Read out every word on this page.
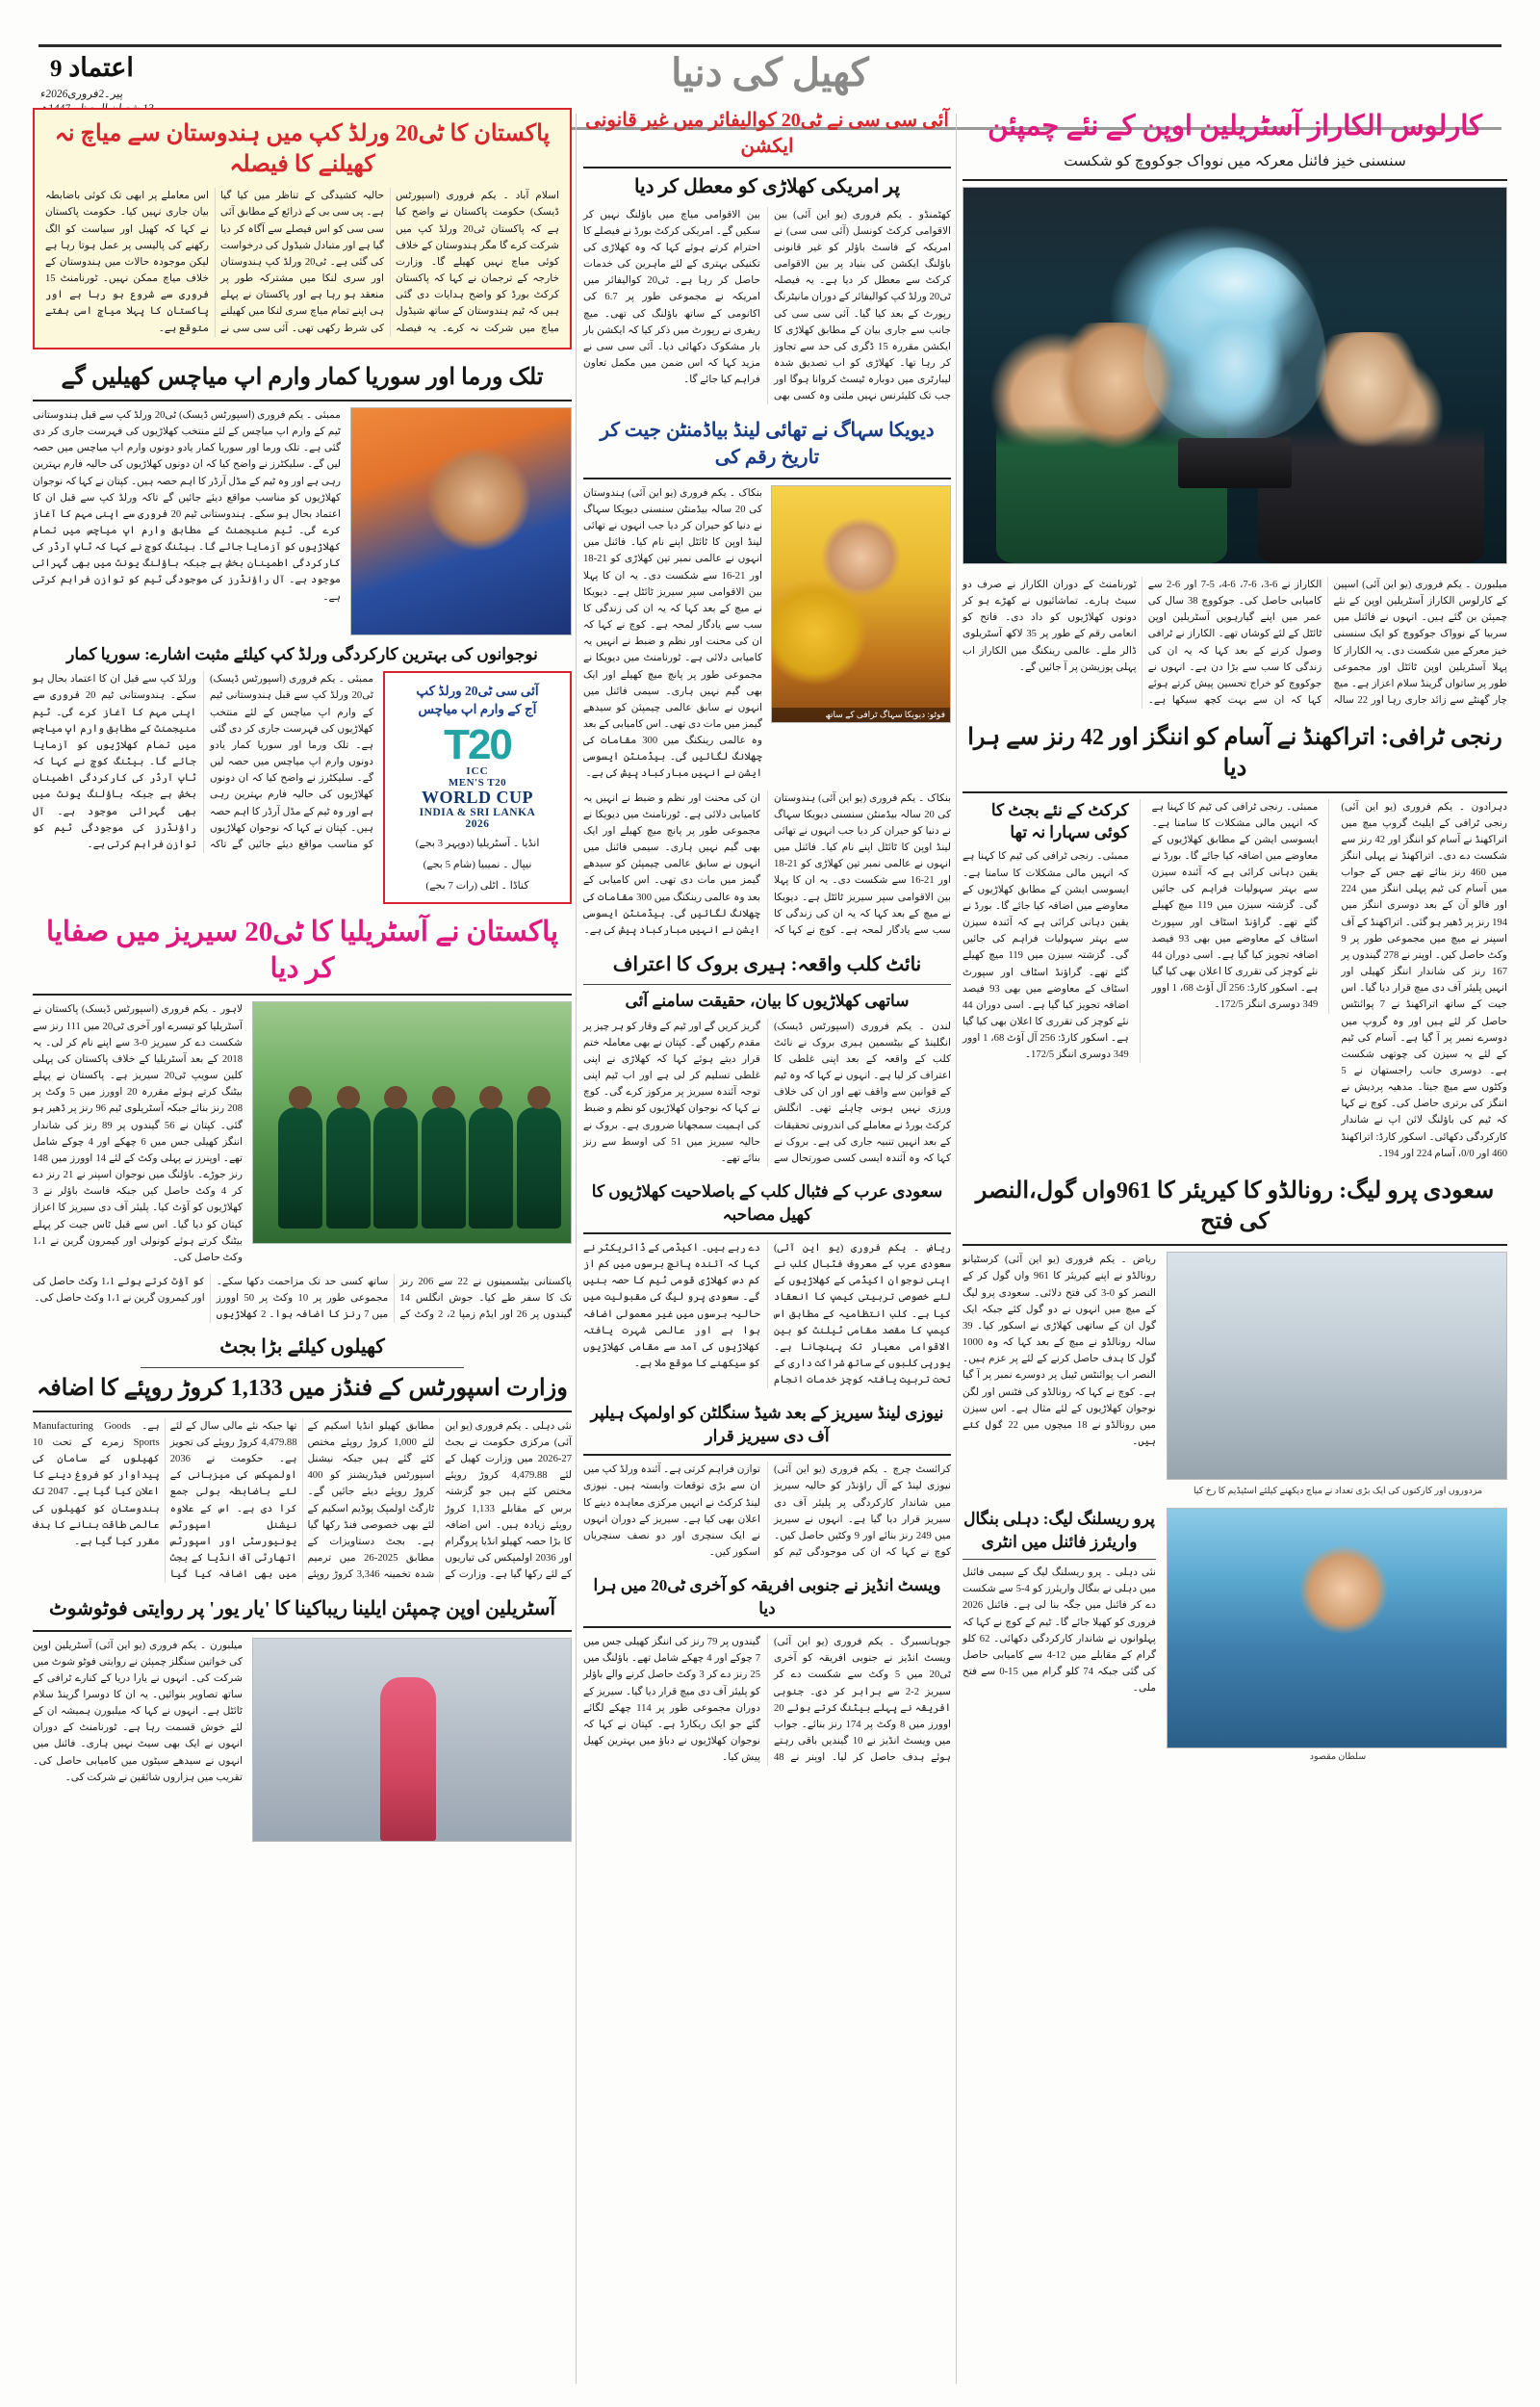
اعتماد 9
پیر۔2فروری2026ء	کھیل کی دنیا
پاکستان کا ٹی20 ورلڈ کپ میں ہندوستان سے میاچ نہ کھیلنے کا فیصلہ
اسلام آباد ۔ یکم فروری (اسپورٹس ڈیسک) حکومت پاکستان نے واضح کیا ہے کہ پاکستان ٹی20 ورلڈ کپ میں شرکت کرے گا مگر ہندوستان کے خلاف کوئی میاچ نہیں کھیلے گا۔ وزارت خارجہ کے ترجمان نے کہا کہ پاکستان کرکٹ بورڈ کو واضح ہدایات دی گئی ہیں کہ ٹیم ہندوستان کے ساتھ شیڈول میاچ میں شرکت نہ کرے۔ یہ فیصلہ حالیہ کشیدگی کے تناظر میں کیا گیا ہے۔ پی سی بی کے ذرائع کے مطابق آئی سی سی کو اس فیصلے سے آگاہ کر دیا گیا ہے اور متبادل شیڈول کی درخواست کی گئی ہے۔ ٹی20 ورلڈ کپ ہندوستان اور سری لنکا میں مشترکہ طور پر منعقد ہو رہا ہے اور پاکستان نے پہلے ہی اپنے تمام میاچ سری لنکا میں کھیلنے کی شرط رکھی تھی۔ آئی سی سی نے اس معاملے پر ابھی تک کوئی باضابطہ بیان جاری نہیں کیا۔ حکومت پاکستان نے کہا کہ کھیل اور سیاست کو الگ رکھنے کی پالیسی پر عمل ہوتا رہا ہے لیکن موجودہ حالات میں ہندوستان کے خلاف میاچ ممکن نہیں۔ ٹورنامنٹ 15 فروری سے شروع ہو رہا ہے اور پاکستان کا پہلا میاچ اسی ہفتے متوقع ہے۔
تلک ورما اور سوریا کمار وارم اپ میاچس کھیلیں گے
ممبئی ۔ یکم فروری (اسپورٹس ڈیسک) ٹی20 ورلڈ کپ سے قبل ہندوستانی ٹیم کے وارم اپ میاچس کے لئے منتخب کھلاڑیوں کی فہرست جاری کر دی گئی ہے۔ تلک ورما اور سوریا کمار یادو دونوں وارم اپ میاچس میں حصہ لیں گے۔ سلیکٹرز نے واضح کیا کہ ان دونوں کھلاڑیوں کی حالیہ فارم بہترین رہی ہے اور وہ ٹیم کے مڈل آرڈر کا اہم حصہ ہیں۔ کپتان نے کہا کہ نوجوان کھلاڑیوں کو مناسب مواقع دیئے جائیں گے تاکہ ورلڈ کپ سے قبل ان کا اعتماد بحال ہو سکے۔ ہندوستانی ٹیم 20 فروری سے اپنی مہم کا آغاز کرے گی۔ ٹیم منیجمنٹ کے مطابق وارم اپ میاچس میں تمام کھلاڑیوں کو آزمایا جائے گا۔ بیٹنگ کوچ نے کہا کہ ٹاپ آرڈر کی کارکردگی اطمینان بخش ہے جبکہ باؤلنگ یونٹ میں بھی گہرائی موجود ہے۔ آل راؤنڈرز کی موجودگی ٹیم کو توازن فراہم کرتی ہے۔
نوجوانوں کی بہترین کارکردگی ورلڈ کپ کیلئے مثبت اشارے: سوریا کمار
آئی سی ٹی20 ورلڈ کپ
آج کے وارم اپ میاچس
T20
ICC
MEN'S T20
WORLD CUP
INDIA & SRI LANKA 2026
انڈیا ۔ آسٹریلیا (دوپہر 3 بجے)
نیپال ۔ نمیبیا (شام 5 بجے)
کناڈا ۔ اٹلی (رات 7 بجے)
ممبئی ۔ یکم فروری (اسپورٹس ڈیسک) ٹی20 ورلڈ کپ سے قبل ہندوستانی ٹیم کے وارم اپ میاچس کے لئے منتخب کھلاڑیوں کی فہرست جاری کر دی گئی ہے۔ تلک ورما اور سوریا کمار یادو دونوں وارم اپ میاچس میں حصہ لیں گے۔ سلیکٹرز نے واضح کیا کہ ان دونوں کھلاڑیوں کی حالیہ فارم بہترین رہی ہے اور وہ ٹیم کے مڈل آرڈر کا اہم حصہ ہیں۔ کپتان نے کہا کہ نوجوان کھلاڑیوں کو مناسب مواقع دیئے جائیں گے تاکہ ورلڈ کپ سے قبل ان کا اعتماد بحال ہو سکے۔ ہندوستانی ٹیم 20 فروری سے اپنی مہم کا آغاز کرے گی۔ ٹیم منیجمنٹ کے مطابق وارم اپ میاچس میں تمام کھلاڑیوں کو آزمایا جائے گا۔ بیٹنگ کوچ نے کہا کہ ٹاپ آرڈر کی کارکردگی اطمینان بخش ہے جبکہ باؤلنگ یونٹ میں بھی گہرائی موجود ہے۔ آل راؤنڈرز کی موجودگی ٹیم کو توازن فراہم کرتی ہے۔
پاکستان نے آسٹریلیا کا ٹی20 سیریز میں صفایا کر دیا
لاہور ۔ یکم فروری (اسپورٹس ڈیسک) پاکستان نے آسٹریلیا کو تیسرے اور آخری ٹی20 میں 111 رنز سے شکست دے کر سیریز 0-3 سے اپنے نام کر لی۔ یہ 2018 کے بعد آسٹریلیا کے خلاف پاکستان کی پہلی کلین سویپ ٹی20 سیریز ہے۔ پاکستان نے پہلے بیٹنگ کرتے ہوئے مقررہ 20 اوورز میں 5 وکٹ پر 208 رنز بنائے جبکہ آسٹریلوی ٹیم 96 رنز پر ڈھیر ہو گئی۔ کپتان نے 56 گیندوں پر 89 رنز کی شاندار اننگز کھیلی جس میں 6 چھکے اور 4 چوکے شامل تھے۔ اوپنرز نے پہلی وکٹ کے لئے 14 اوورز میں 148 رنز جوڑے۔ باؤلنگ میں نوجوان اسپنر نے 21 رنز دے کر 4 وکٹ حاصل کیں جبکہ فاسٹ باؤلر نے 3 کھلاڑیوں کو آؤٹ کیا۔ پلیئر آف دی سیریز کا اعزاز کپتان کو دیا گیا۔ اس سے قبل ٹاس جیت کر پہلے بیٹنگ کرتے ہوئے کونولی اور کیمرون گرین نے 1،1 وکٹ حاصل کی۔
پاکستانی بیٹسمینوں نے 22 سے 206 رنز تک کا سفر طے کیا۔ جوش انگلس 14 گیندوں پر 26 اور ایڈم زمپا 2، 2 وکٹ کے ساتھ کسی حد تک مزاحمت دکھا سکے۔ مجموعی طور پر 10 وکٹ پر 50 اوورز میں 7 رنز کا اضافہ ہوا۔ 2 کھلاڑیوں کو آؤٹ کرتے ہوئے 1،1 وکٹ حاصل کی اور کیمرون گرین نے 1،1 وکٹ حاصل کی۔
کھیلوں کیلئے بڑا بجٹ
وزارت اسپورٹس کے فنڈز میں 1,133 کروڑ روپئے کا اضافہ
نئی دہلی ۔ یکم فروری (یو این آئی) مرکزی حکومت نے بجٹ 27-2026 میں وزارت کھیل کے لئے 4,479.88 کروڑ روپئے مختص کئے ہیں جو گزشتہ برس کے مقابلے 1,133 کروڑ روپئے زیادہ ہیں۔ اس اضافہ کا بڑا حصہ کھیلو انڈیا پروگرام اور 2036 اولمپکس کی تیاریوں کے لئے رکھا گیا ہے۔ وزارت کے مطابق کھیلو انڈیا اسکیم کے لئے 1,000 کروڑ روپئے مختص کئے گئے ہیں جبکہ نیشنل اسپورٹس فیڈریشنز کو 400 کروڑ روپئے دیئے جائیں گے۔ ٹارگٹ اولمپک پوڈیم اسکیم کے لئے بھی خصوصی فنڈ رکھا گیا ہے۔ بجٹ دستاویزات کے مطابق 2025-26 میں ترمیم شدہ تخمینہ 3,346 کروڑ روپئے تھا جبکہ نئے مالی سال کے لئے 4,479.88 کروڑ روپئے کی تجویز ہے۔ حکومت نے 2036 اولمپکس کی میزبانی کے لئے باضابطہ بولی جمع کرا دی ہے۔ اس کے علاوہ نیشنل اسپورٹس یونیورسٹی اور اسپورٹس اتھارٹی آف انڈیا کے بجٹ میں بھی اضافہ کیا گیا ہے۔ Manufacturing Goods Sports زمرے کے تحت 10 کھیلوں کے سامان کی پیداوار کو فروغ دینے کا اعلان کیا گیا ہے۔ 2047 تک ہندوستان کو کھیلوں کی عالمی طاقت بنانے کا ہدف مقرر کیا گیا ہے۔
آسٹریلین اوپن چمپئن ایلینا ریباکینا کا 'یار یور' پر روایتی فوٹوشوٹ
میلبورن ۔ یکم فروری (یو این آئی) آسٹریلین اوپن کی خواتین سنگلز چمپئن نے روایتی فوٹو شوٹ میں شرکت کی۔ انہوں نے یارا دریا کے کنارے ٹرافی کے ساتھ تصاویر بنوائیں۔ یہ ان کا دوسرا گرینڈ سلام ٹائٹل ہے۔ انہوں نے کہا کہ میلبورن ہمیشہ ان کے لئے خوش قسمت رہا ہے۔ ٹورنامنٹ کے دوران انہوں نے ایک بھی سیٹ نہیں ہاری۔ فائنل میں انہوں نے سیدھے سیٹوں میں کامیابی حاصل کی۔ تقریب میں ہزاروں شائقین نے شرکت کی۔
آئی سی سی نے ٹی20 کوالیفائر میں غیر قانونی ایکشن
پر امریکی کھلاڑی کو معطل کر دیا
کھٹمنڈو ۔ یکم فروری (یو این آئی) بین الاقوامی کرکٹ کونسل (آئی سی سی) نے امریکہ کے فاسٹ باؤلر کو غیر قانونی باؤلنگ ایکشن کی بنیاد پر بین الاقوامی کرکٹ سے معطل کر دیا ہے۔ یہ فیصلہ ٹی20 ورلڈ کپ کوالیفائر کے دوران مانیٹرنگ رپورٹ کے بعد کیا گیا۔ آئی سی سی کی جانب سے جاری بیان کے مطابق کھلاڑی کا ایکشن مقررہ 15 ڈگری کی حد سے تجاوز کر رہا تھا۔ کھلاڑی کو اب تصدیق شدہ لیبارٹری میں دوبارہ ٹیسٹ کروانا ہوگا اور جب تک کلیئرنس نہیں ملتی وہ کسی بھی بین الاقوامی میاچ میں باؤلنگ نہیں کر سکیں گے۔ امریکی کرکٹ بورڈ نے فیصلے کا احترام کرتے ہوئے کہا کہ وہ کھلاڑی کی تکنیکی بہتری کے لئے ماہرین کی خدمات حاصل کر رہا ہے۔ ٹی20 کوالیفائر میں امریکہ نے مجموعی طور پر 6.7 کی اکانومی کے ساتھ باؤلنگ کی تھی۔ میچ ریفری نے رپورٹ میں ذکر کیا کہ ایکشن بار بار مشکوک دکھائی دیا۔ آئی سی سی نے مزید کہا کہ اس ضمن میں مکمل تعاون فراہم کیا جائے گا۔
دیویکا سہاگ نے تھائی لینڈ بیاڈمنٹن جیت کر تاریخ رقم کی
فوٹو: دیویکا سہاگ ٹرافی کے ساتھ
بنکاک ۔ یکم فروری (یو این آئی) ہندوستان کی 20 سالہ بیڈمنٹن سنسنی دیویکا سہاگ نے دنیا کو حیران کر دیا جب انہوں نے تھائی لینڈ اوپن کا ٹائٹل اپنے نام کیا۔ فائنل میں انہوں نے عالمی نمبر تین کھلاڑی کو 21-18 اور 21-16 سے شکست دی۔ یہ ان کا پہلا بین الاقوامی سپر سیریز ٹائٹل ہے۔ دیویکا نے میچ کے بعد کہا کہ یہ ان کی زندگی کا سب سے یادگار لمحہ ہے۔ کوچ نے کہا کہ ان کی محنت اور نظم و ضبط نے انہیں یہ کامیابی دلائی ہے۔ ٹورنامنٹ میں دیویکا نے مجموعی طور پر پانچ میچ کھیلے اور ایک بھی گیم نہیں ہاری۔ سیمی فائنل میں انہوں نے سابق عالمی چیمپئن کو سیدھے گیمز میں مات دی تھی۔ اس کامیابی کے بعد وہ عالمی رینکنگ میں 300 مقامات کی چھلانگ لگائیں گی۔ بیڈمنٹن ایسوسی ایشن نے انہیں مبارکباد پیش کی ہے۔
بنکاک ۔ یکم فروری (یو این آئی) ہندوستان کی 20 سالہ بیڈمنٹن سنسنی دیویکا سہاگ نے دنیا کو حیران کر دیا جب انہوں نے تھائی لینڈ اوپن کا ٹائٹل اپنے نام کیا۔ فائنل میں انہوں نے عالمی نمبر تین کھلاڑی کو 21-18 اور 21-16 سے شکست دی۔ یہ ان کا پہلا بین الاقوامی سپر سیریز ٹائٹل ہے۔ دیویکا نے میچ کے بعد کہا کہ یہ ان کی زندگی کا سب سے یادگار لمحہ ہے۔ کوچ نے کہا کہ ان کی محنت اور نظم و ضبط نے انہیں یہ کامیابی دلائی ہے۔ ٹورنامنٹ میں دیویکا نے مجموعی طور پر پانچ میچ کھیلے اور ایک بھی گیم نہیں ہاری۔ سیمی فائنل میں انہوں نے سابق عالمی چیمپئن کو سیدھے گیمز میں مات دی تھی۔ اس کامیابی کے بعد وہ عالمی رینکنگ میں 300 مقامات کی چھلانگ لگائیں گی۔ بیڈمنٹن ایسوسی ایشن نے انہیں مبارکباد پیش کی ہے۔
نائٹ کلب واقعہ: ہیری بروک کا اعتراف
ساتھی کھلاڑیوں کا بیان، حقیقت سامنے آئی
لندن ۔ یکم فروری (اسپورٹس ڈیسک) انگلینڈ کے بیٹسمین ہیری بروک نے نائٹ کلب کے واقعہ کے بعد اپنی غلطی کا اعتراف کر لیا ہے۔ انہوں نے کہا کہ وہ ٹیم کے قوانین سے واقف تھے اور ان کی خلاف ورزی نہیں ہونی چاہئے تھی۔ انگلش کرکٹ بورڈ نے معاملے کی اندرونی تحقیقات کے بعد انہیں تنبیہ جاری کی ہے۔ بروک نے کہا کہ وہ آئندہ ایسی کسی صورتحال سے گریز کریں گے اور ٹیم کے وقار کو ہر چیز پر مقدم رکھیں گے۔ کپتان نے بھی معاملہ ختم قرار دیتے ہوئے کہا کہ کھلاڑی نے اپنی غلطی تسلیم کر لی ہے اور اب ٹیم اپنی توجہ آئندہ سیریز پر مرکوز کرے گی۔ کوچ نے کہا کہ نوجوان کھلاڑیوں کو نظم و ضبط کی اہمیت سمجھانا ضروری ہے۔ بروک نے حالیہ سیریز میں 51 کی اوسط سے رنز بنائے تھے۔
سعودی عرب کے فٹبال کلب کے باصلاحیت کھلاڑیوں کا کھیل مصاحبہ
ریاض ۔ یکم فروری (یو این آئی) سعودی عرب کے معروف فٹبال کلب نے اپنی نوجوان اکیڈمی کے کھلاڑیوں کے لئے خصوصی تربیتی کیمپ کا انعقاد کیا ہے۔ کلب انتظامیہ کے مطابق اس کیمپ کا مقصد مقامی ٹیلنٹ کو بین الاقوامی معیار تک پہنچانا ہے۔ یورپی کلبوں کے ساتھ شراکت داری کے تحت تربیت یافتہ کوچز خدمات انجام دے رہے ہیں۔ اکیڈمی کے ڈائریکٹر نے کہا کہ آئندہ پانچ برسوں میں کم از کم دس کھلاڑی قومی ٹیم کا حصہ بنیں گے۔ سعودی پرو لیگ کی مقبولیت میں حالیہ برسوں میں غیر معمولی اضافہ ہوا ہے اور عالمی شہرت یافتہ کھلاڑیوں کی آمد سے مقامی کھلاڑیوں کو سیکھنے کا موقع ملا ہے۔
نیوزی لینڈ سیریز کے بعد شیڈ سنگلٹن کو اولمپک ہیلپر آف دی سیریز قرار
کرائسٹ چرچ ۔ یکم فروری (یو این آئی) نیوزی لینڈ کے آل راؤنڈر کو حالیہ سیریز میں شاندار کارکردگی پر پلیئر آف دی سیریز قرار دیا گیا ہے۔ انہوں نے سیریز میں 249 رنز بنائے اور 9 وکٹیں حاصل کیں۔ کوچ نے کہا کہ ان کی موجودگی ٹیم کو توازن فراہم کرتی ہے۔ آئندہ ورلڈ کپ میں ان سے بڑی توقعات وابستہ ہیں۔ نیوزی لینڈ کرکٹ نے انہیں مرکزی معاہدہ دینے کا اعلان بھی کیا ہے۔ سیریز کے دوران انہوں نے ایک سنچری اور دو نصف سنچریاں اسکور کیں۔
ویسٹ انڈیز نے جنوبی افریقہ کو آخری ٹی20 میں ہرا دیا
جوہانسبرگ ۔ یکم فروری (یو این آئی) ویسٹ انڈیز نے جنوبی افریقہ کو آخری ٹی20 میں 5 وکٹ سے شکست دے کر سیریز 2-2 سے برابر کر دی۔ جنوبی افریقہ نے پہلے بیٹنگ کرتے ہوئے 20 اوورز میں 8 وکٹ پر 174 رنز بنائے۔ جواب میں ویسٹ انڈیز نے 10 گیندیں باقی رہتے ہوئے ہدف حاصل کر لیا۔ اوپنر نے 48 گیندوں پر 79 رنز کی اننگز کھیلی جس میں 7 چوکے اور 4 چھکے شامل تھے۔ باؤلنگ میں 25 رنز دے کر 3 وکٹ حاصل کرنے والے باؤلر کو پلیئر آف دی میچ قرار دیا گیا۔ سیریز کے دوران مجموعی طور پر 114 چھکے لگائے گئے جو ایک ریکارڈ ہے۔ کپتان نے کہا کہ نوجوان کھلاڑیوں نے دباؤ میں بہترین کھیل پیش کیا۔
کارلوس الکاراز آسٹریلین اوپن کے نئے چمپئن
سنسنی خیز فائنل معرکہ میں نوواک جوکووچ کو شکست
میلبورن ۔ یکم فروری (یو این آئی) اسپین کے کارلوس الکاراز آسٹریلین اوپن کے نئے چمپئن بن گئے ہیں۔ انہوں نے فائنل میں سربیا کے نوواک جوکووچ کو ایک سنسنی خیز معرکے میں شکست دی۔ یہ الکاراز کا پہلا آسٹریلین اوپن ٹائٹل اور مجموعی طور پر ساتواں گرینڈ سلام اعزاز ہے۔ میچ چار گھنٹے سے زائد جاری رہا اور 22 سالہ الکاراز نے 6-3، 6-7، 6-4، 5-7 اور 6-2 سے کامیابی حاصل کی۔ جوکووچ 38 سال کی عمر میں اپنے گیارہویں آسٹریلین اوپن ٹائٹل کے لئے کوشاں تھے۔ الکاراز نے ٹرافی وصول کرنے کے بعد کہا کہ یہ ان کی زندگی کا سب سے بڑا دن ہے۔ انہوں نے جوکووچ کو خراج تحسین پیش کرتے ہوئے کہا کہ ان سے بہت کچھ سیکھا ہے۔ ٹورنامنٹ کے دوران الکاراز نے صرف دو سیٹ ہارے۔ تماشائیوں نے کھڑے ہو کر دونوں کھلاڑیوں کو داد دی۔ فاتح کو انعامی رقم کے طور پر 35 لاکھ آسٹریلوی ڈالر ملے۔ عالمی رینکنگ میں الکاراز اب پہلی پوزیشن پر آ جائیں گے۔
رنجی ٹرافی: اتراکھنڈ نے آسام کو اننگز اور 42 رنز سے ہرا دیا
دہرادون ۔ یکم فروری (یو این آئی) رنجی ٹرافی کے ایلیٹ گروپ میچ میں اتراکھنڈ نے آسام کو اننگز اور 42 رنز سے شکست دے دی۔ اتراکھنڈ نے پہلی اننگز میں 460 رنز بنائے تھے جس کے جواب میں آسام کی ٹیم پہلی اننگز میں 224 اور فالو آن کے بعد دوسری اننگز میں 194 رنز پر ڈھیر ہو گئی۔ اتراکھنڈ کے آف اسپنر نے میچ میں مجموعی طور پر 9 وکٹ حاصل کیں۔ اوپنر نے 278 گیندوں پر 167 رنز کی شاندار اننگز کھیلی اور انہیں پلیئر آف دی میچ قرار دیا گیا۔ اس جیت کے ساتھ اتراکھنڈ نے 7 پوائنٹس حاصل کر لئے ہیں اور وہ گروپ میں دوسرے نمبر پر آ گیا ہے۔ آسام کی ٹیم کے لئے یہ سیزن کی چوتھی شکست ہے۔ دوسری جانب راجستھان نے 5 وکٹوں سے میچ جیتا۔ مدھیہ پردیش نے اننگز کی برتری حاصل کی۔ کوچ نے کہا کہ ٹیم کی باؤلنگ لائن اپ نے شاندار کارکردگی دکھائی۔ اسکور کارڈ: اتراکھنڈ 460 اور 0/0، آسام 224 اور 194۔
ممبئی۔ رنجی ٹرافی کی ٹیم کا کہنا ہے کہ انہیں مالی مشکلات کا سامنا ہے۔ ایسوسی ایشن کے مطابق کھلاڑیوں کے معاوضے میں اضافہ کیا جائے گا۔ بورڈ نے یقین دہانی کرائی ہے کہ آئندہ سیزن سے بہتر سہولیات فراہم کی جائیں گی۔ گزشتہ سیزن میں 119 میچ کھیلے گئے تھے۔ گراؤنڈ اسٹاف اور سپورٹ اسٹاف کے معاوضے میں بھی 93 فیصد اضافہ تجویز کیا گیا ہے۔ اسی دوران 44 نئے کوچز کی تقرری کا اعلان بھی کیا گیا ہے۔ اسکور کارڈ: 256 آل آؤٹ 68، 1 اوور 349 دوسری اننگز 172/5۔
کرکٹ کے نئے بجٹ کا کوئی سہارا نہ تھا
ممبئی۔ رنجی ٹرافی کی ٹیم کا کہنا ہے کہ انہیں مالی مشکلات کا سامنا ہے۔ ایسوسی ایشن کے مطابق کھلاڑیوں کے معاوضے میں اضافہ کیا جائے گا۔ بورڈ نے یقین دہانی کرائی ہے کہ آئندہ سیزن سے بہتر سہولیات فراہم کی جائیں گی۔ گزشتہ سیزن میں 119 میچ کھیلے گئے تھے۔ گراؤنڈ اسٹاف اور سپورٹ اسٹاف کے معاوضے میں بھی 93 فیصد اضافہ تجویز کیا گیا ہے۔ اسی دوران 44 نئے کوچز کی تقرری کا اعلان بھی کیا گیا ہے۔ اسکور کارڈ: 256 آل آؤٹ 68، 1 اوور 349 دوسری اننگز 172/5۔
سعودی پرو لیگ: رونالڈو کا کیریئر کا 961واں گول،النصر کی فتح
ریاض ۔ یکم فروری (یو این آئی) کرسٹیانو رونالڈو نے اپنے کیریئر کا 961 واں گول کر کے النصر کو 0-3 کی فتح دلائی۔ سعودی پرو لیگ کے میچ میں انہوں نے دو گول کئے جبکہ ایک گول ان کے ساتھی کھلاڑی نے اسکور کیا۔ 39 سالہ رونالڈو نے میچ کے بعد کہا کہ وہ 1000 گول کا ہدف حاصل کرنے کے لئے پر عزم ہیں۔ النصر اب پوائنٹس ٹیبل پر دوسرے نمبر پر آ گیا ہے۔ کوچ نے کہا کہ رونالڈو کی فٹنس اور لگن نوجوان کھلاڑیوں کے لئے مثال ہے۔ اس سیزن میں رونالڈو نے 18 میچوں میں 22 گول کئے ہیں۔
مزدوروں اور کارکنوں کی ایک بڑی تعداد نے میاچ دیکھنے کیلئے اسٹیڈیم کا رخ کیا
پرو ریسلنگ لیگ: دہلی بنگال واریئرز فائنل میں انٹری
نئی دہلی ۔ پرو ریسلنگ لیگ کے سیمی فائنل میں دہلی نے بنگال واریئرز کو 4-5 سے شکست دے کر فائنل میں جگہ بنا لی ہے۔ فائنل 2026 فروری کو کھیلا جائے گا۔ ٹیم کے کوچ نے کہا کہ پہلوانوں نے شاندار کارکردگی دکھائی۔ 62 کلو گرام کے مقابلے میں 12-4 سے کامیابی حاصل کی گئی جبکہ 74 کلو گرام میں 15-0 سے فتح ملی۔
سلطان مقصود
